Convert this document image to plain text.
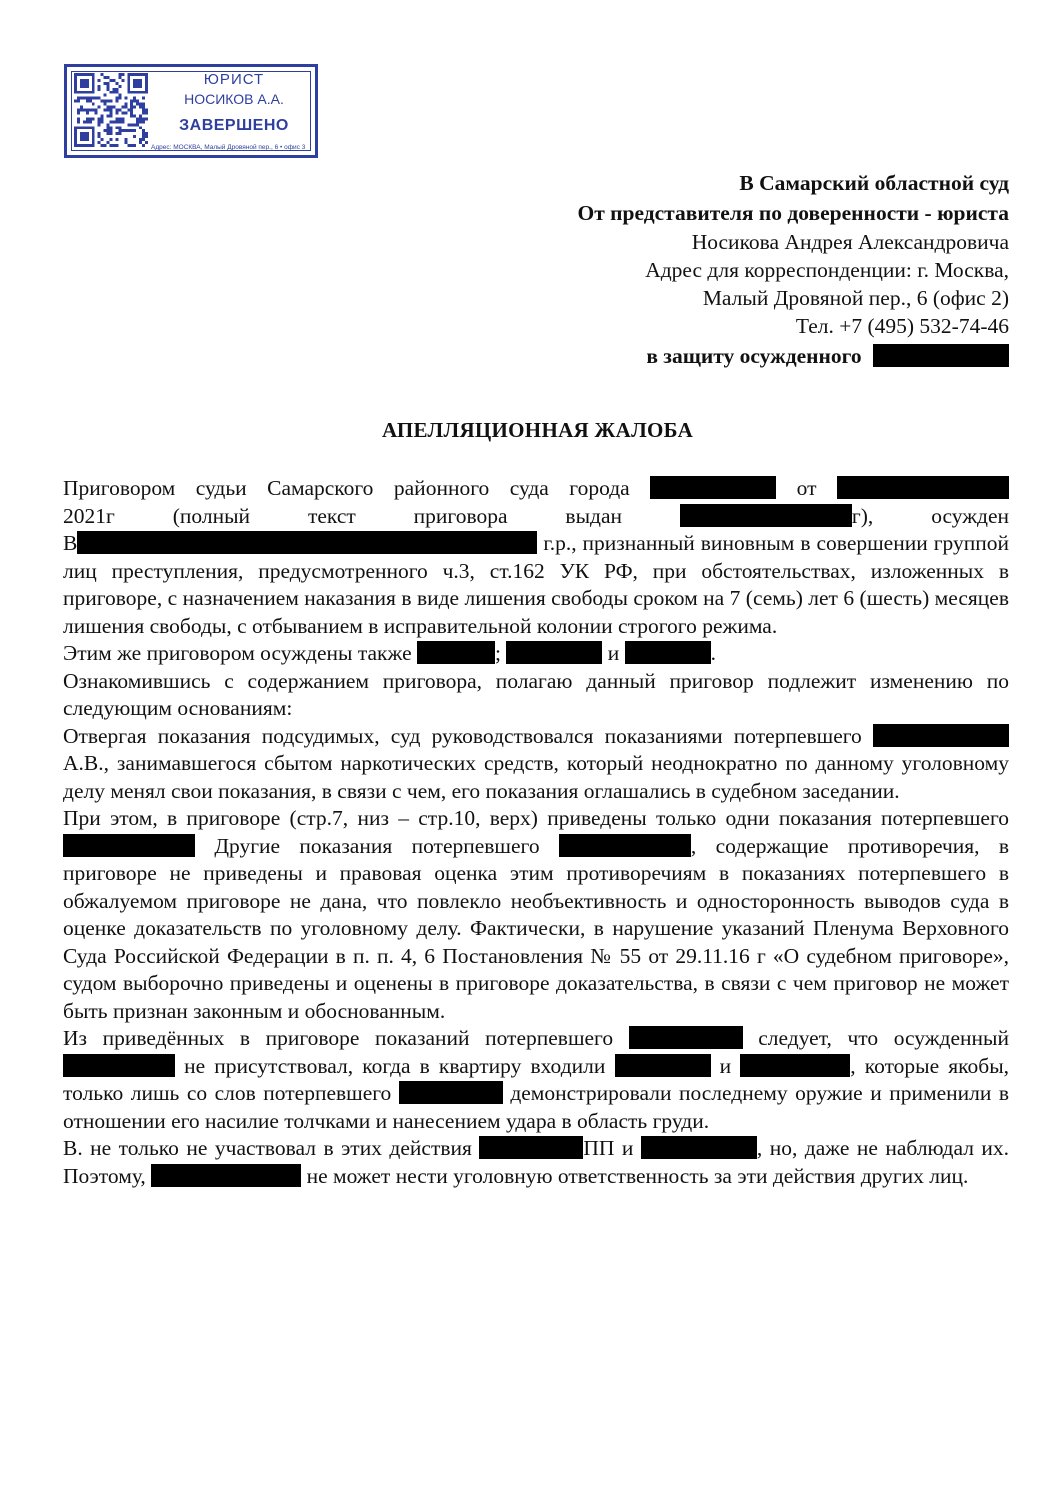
ЮРИСТ
НОСИКОВ А.А.
ЗАВЕРШЕНО
Адрес: МОСКВА, Малый Дровяной пер., 6 • офис 3
В Самарский областной суд
От представителя по доверенности - юриста
Носикова Андрея Александровича
Адрес для корреспонденции: г. Москва,
Малый Дровяной пер., 6 (офис 2)
Тел. +7 (495) 532-74-46
в защиту осужденного
АПЕЛЛЯЦИОННАЯ ЖАЛОБА

Приговором судьи Самарского районного суда города	от

2021г	(полный	текст	приговора	выдан	г),	осужден

В	г.р., признанный виновным в совершении группой лиц преступления, предусмотренного ч.3, ст.162 УК РФ, при обстоятельствах, изложенных в приговоре, с назначением наказания в виде лишения свободы сроком на 7 (семь) лет 6 (шесть) месяцев лишения свободы, с отбыванием в исправительной колонии строгого режима.

Этим же приговором осуждены также	;	и	.

Ознакомившись с содержанием приговора, полагаю данный приговор подлежит изменению по следующим основаниям:

Отвергая показания подсудимых, суд руководствовался показаниями потерпевшего  А.В., занимавшегося сбытом наркотических средств, который неоднократно по данному уголовному делу менял свои показания, в связи с чем, его показания оглашались в судебном заседании.

При этом, в приговоре (стр.7, низ – стр.10, верх) приведены только одни показания потерпевшего  Другие показания потерпевшего	, содержащие противоречия, в приговоре не приведены и правовая оценка этим противоречиям в показаниях потерпевшего в обжалуемом приговоре не дана, что повлекло необъективность и односторонность выводов суда в оценке доказательств по уголовному делу. Фактически, в нарушение указаний Пленума Верховного Суда Российской Федерации в п. п. 4, 6 Постановления № 55 от 29.11.16 г «О судебном приговоре», судом выборочно приведены и оценены в приговоре доказательства, в связи с чем приговор не может быть признан законным и обоснованным.

Из приведённых в приговоре показаний потерпевшего	следует, что осужденный  не присутствовал, когда в квартиру входили	и	, которые якобы, только лишь со слов потерпевшего	демонстрировали последнему оружие и применили в отношении его насилие толчками и нанесением удара в область груди.

В. не только не участвовал в этих действия	ПП и	, но, даже не наблюдал их. Поэтому,	не может нести уголовную ответственность за эти действия других лиц.
